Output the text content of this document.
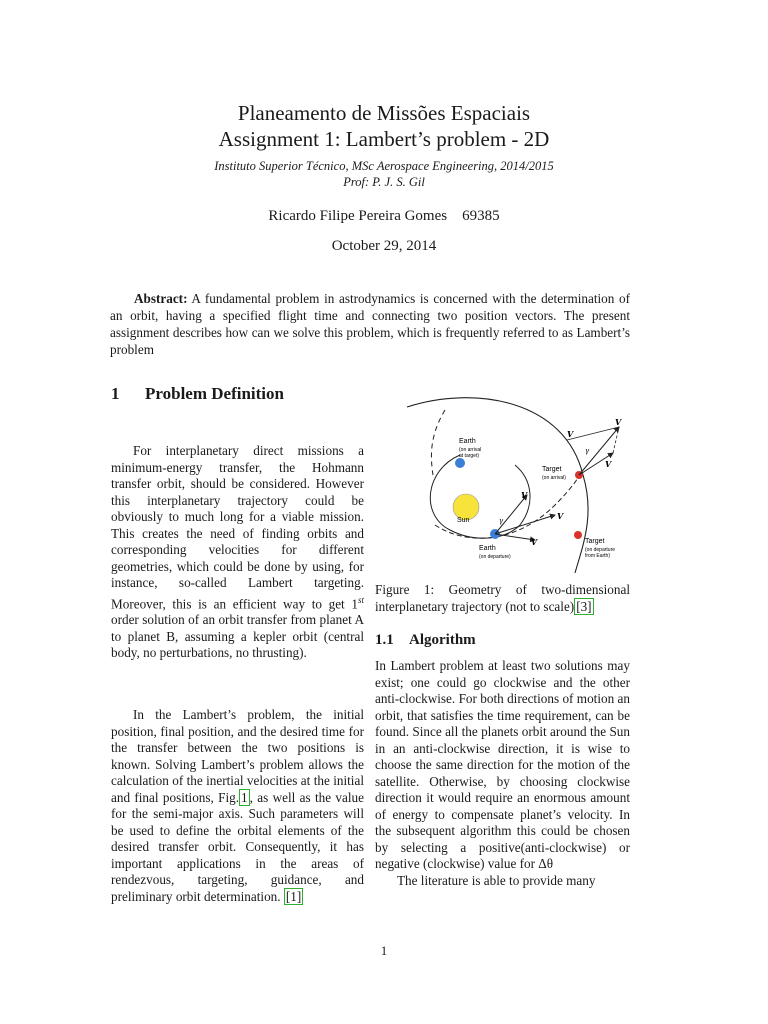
Planeamento de Missões Espaciais
Assignment 1: Lambert’s problem - 2D
Instituto Superior Técnico, MSc Aerospace Engineering, 2014/2015
Prof: P. J. S. Gil
Ricardo Filipe Pereira Gomes    69385
October 29, 2014
Abstract: A fundamental problem in astrodynamics is concerned with the determination of an orbit, having a specified flight time and connecting two position vectors. The present assignment describes how can we solve this problem, which is frequently referred to as Lambert’s problem
1 Problem Definition

For interplanetary direct missions a minimum-energy transfer, the Hohmann transfer orbit, should be considered. However this interplanetary trajectory could be obviously to much long for a viable mission. This creates the need of finding orbits and corresponding velocities for different geometries, which could be done by using, for instance, so-called Lambert targeting. Moreover, this is an efficient way to get 1st order solution of an orbit transfer from planet A to planet B, assuming a kepler orbit (central body, no perturbations, no thrusting).

In the Lambert’s problem, the initial position, final position, and the desired time for the transfer between the two positions is known. Solving Lambert’s problem allows the calculation of the inertial velocities at the initial and final positions, Fig. 1 , as well as the value for the semi-major axis. Such parameters will be used to define the orbital elements of the desired transfer orbit. Consequently, it has important applications in the areas of rendezvous, targeting, guidance, and preliminary orbit determination. [1]

Sun
Earth
(on arrival
at target)
Earth
(on departure)
Target
(on arrival)
Target
(on departure
from Earth)
V
V
V
V
V
V
γ
γ
Figure 1: Geometry of two-dimensional interplanetary trajectory (not to scale) [3]
1.1 Algorithm

In Lambert problem at least two solutions may exist; one could go clockwise and the other anti-clockwise. For both directions of motion an orbit, that satisfies the time requirement, can be found. Since all the planets orbit around the Sun in an anti-clockwise direction, it is wise to choose the same direction for the motion of the satellite. Otherwise, by choosing clockwise direction it would require an enormous amount of energy to compensate planet’s velocity. In the subsequent algorithm this could be chosen by selecting a positive(anti-clockwise) or negative (clockwise) value for Δθ

The literature is able to provide many

1
